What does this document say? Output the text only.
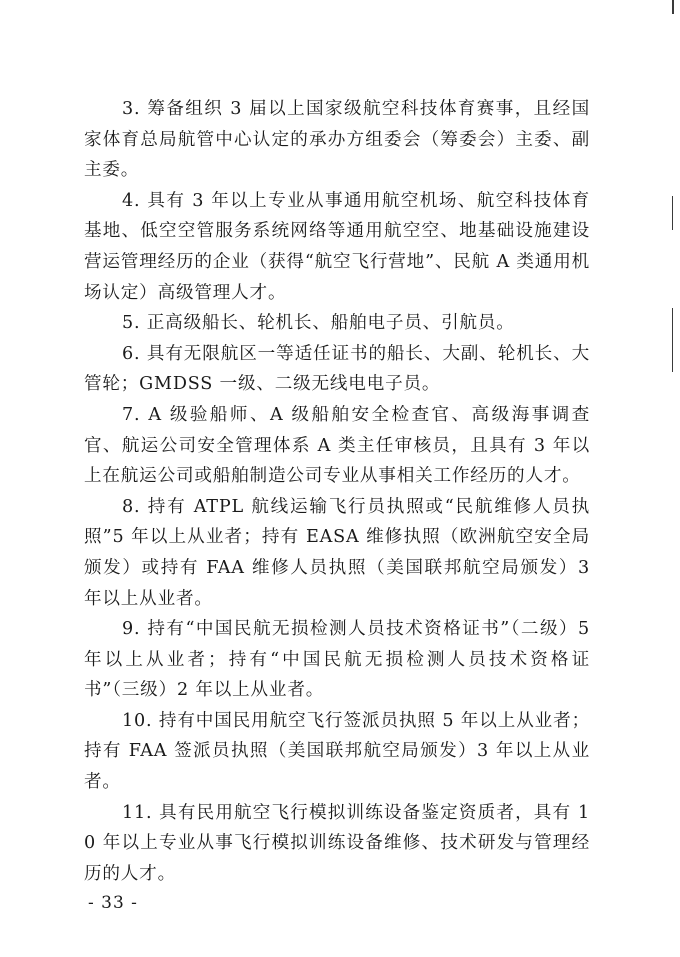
3. 筹备组织 3 届以上国家级航空科技体育赛事，且经国家体育总局航管中心认定的承办方组委会（筹委会）主委、副主委。

4. 具有 3 年以上专业从事通用航空机场、航空科技体育基地、低空空管服务系统网络等通用航空空、地基础设施建设营运管理经历的企业（获得“航空飞行营地”、民航 A 类通用机场认定）高级管理人才。

5. 正高级船长、轮机长、船舶电子员、引航员。

6. 具有无限航区一等适任证书的船长、大副、轮机长、大管轮；GMDSS 一级、二级无线电电子员。

7. A 级验船师、A 级船舶安全检查官、高级海事调查官、航运公司安全管理体系 A 类主任审核员，且具有 3 年以上在航运公司或船舶制造公司专业从事相关工作经历的人才。

8. 持有 ATPL 航线运输飞行员执照或“民航维修人员执照”5 年以上从业者；持有 EASA 维修执照（欧洲航空安全局颁发）或持有 FAA 维修人员执照（美国联邦航空局颁发）3 年以上从业者。

9. 持有“中国民航无损检测人员技术资格证书”（二级）5 年以上从业者；持有“中国民航无损检测人员技术资格证书”（三级）2 年以上从业者。

10. 持有中国民用航空飞行签派员执照 5 年以上从业者；持有 FAA 签派员执照（美国联邦航空局颁发）3 年以上从业者。

11. 具有民用航空飞行模拟训练设备鉴定资质者，具有 10 年以上专业从事飞行模拟训练设备维修、技术研发与管理经历的人才。

- 33 -
